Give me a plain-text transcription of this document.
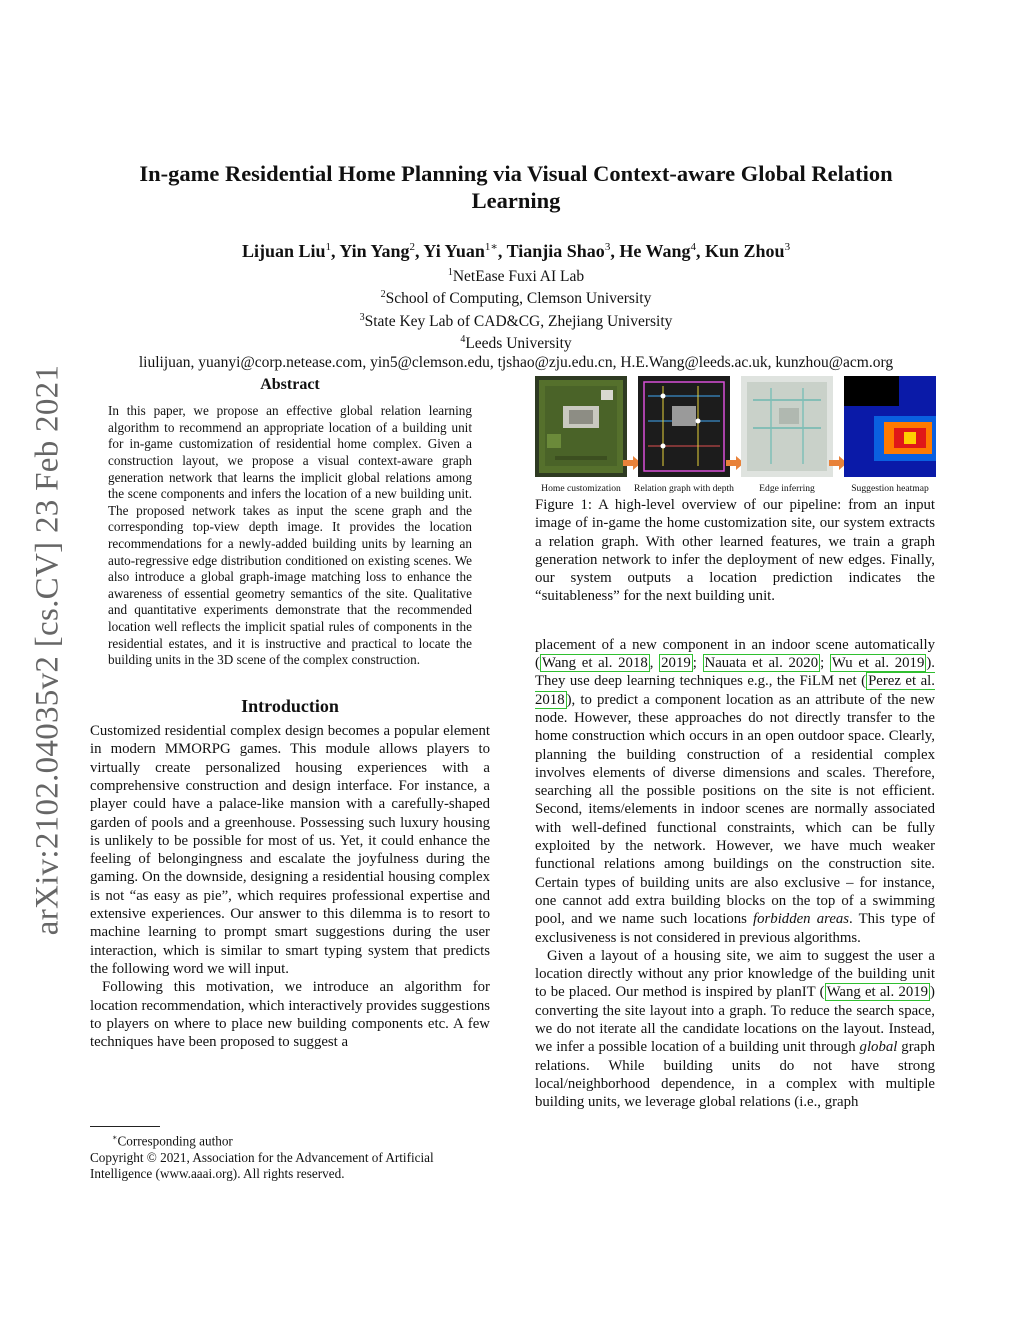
arXiv:2102.04035v2 [cs.CV] 23 Feb 2021
In-game Residential Home Planning via Visual Context-aware Global Relation Learning
Lijuan Liu$^1$, Yin Yang$^2$, Yi Yuan$^{1∗}$, Tianjia Shao$^3$, He Wang$^4$, Kun Zhou$^3$
$^1$NetEase Fuxi AI Lab
$^2$School of Computing, Clemson University
$^3$State Key Lab of CAD&CG, Zhejiang University
$^4$Leeds University
liulijuan, yuanyi@corp.netease.com, yin5@clemson.edu, tjshao@zju.edu.cn, H.E.Wang@leeds.ac.uk, kunzhou@acm.org
Abstract

In this paper, we propose an effective global relation learning algorithm to recommend an appropriate location of a building unit for in-game customization of residential home complex. Given a construction layout, we propose a visual context-aware graph generation network that learns the implicit global relations among the scene components and infers the location of a new building unit. The proposed network takes as input the scene graph and the corresponding top-view depth image. It provides the location recommendations for a newly-added building units by learning an auto-regressive edge distribution conditioned on existing scenes. We also introduce a global graph-image matching loss to enhance the awareness of essential geometry semantics of the site. Qualitative and quantitative experiments demonstrate that the recommended location well reflects the implicit spatial rules of components in the residential estates, and it is instructive and practical to locate the building units in the 3D scene of the complex construction.

Introduction

Customized residential complex design becomes a popular element in modern MMORPG games. This module allows players to virtually create personalized housing experiences with a comprehensive construction and design interface. For instance, a player could have a palace-like mansion with a carefully-shaped garden of pools and a greenhouse. Possessing such luxury housing is unlikely to be possible for most of us. Yet, it could enhance the feeling of belongingness and escalate the joyfulness during the gaming. On the downside, designing a residential housing complex is not “as easy as pie”, which requires professional expertise and extensive experiences. Our answer to this dilemma is to resort to machine learning to prompt smart suggestions during the user interaction, which is similar to smart typing system that predicts the following word we will input.

Following this motivation, we introduce an algorithm for location recommendation, which interactively provides suggestions to players on where to place new building components etc. A few techniques have been proposed to suggest a

∗Corresponding author
Copyright © 2021, Association for the Advancement of Artificial Intelligence (www.aaai.org). All rights reserved.
Home customization Relation graph with depth	Edge inferring	Suggestion heatmap

Figure 1: A high-level overview of our pipeline: from an input image of in-game the home customization site, our system extracts a relation graph. With other learned features, we train a graph generation network to infer the deployment of new edges. Finally, our system outputs a location prediction indicates the “suitableness” for the next building unit.

placement of a new component in an indoor scene automatically ( Wang et al. 2018 , 2019 ; Nauata et al. 2020 ; Wu et al. 2019 ). They use deep learning techniques e.g., the FiLM net ( Perez et al. 2018 ), to predict a component location as an attribute of the new node. However, these approaches do not directly transfer to the home construction which occurs in an open outdoor space. Clearly, planning the building construction of a residential complex involves elements of diverse dimensions and scales. Therefore, searching all the possible positions on the site is not efficient. Second, items/elements in indoor scenes are normally associated with well-defined functional constraints, which can be fully exploited by the network. However, we have much weaker functional relations among buildings on the construction site. Certain types of building units are also exclusive – for instance, one cannot add extra building blocks on the top of a swimming pool, and we name such locations forbidden areas. This type of exclusiveness is not considered in previous algorithms.

Given a layout of a housing site, we aim to suggest the user a location directly without any prior knowledge of the building unit to be placed. Our method is inspired by planIT ( Wang et al. 2019 ) converting the site layout into a graph. To reduce the search space, we do not iterate all the candidate locations on the layout. Instead, we infer a possible location of a building unit through global graph relations. While building units do not have strong local/neighborhood dependence, in a complex with multiple building units, we leverage global relations (i.e., graph
